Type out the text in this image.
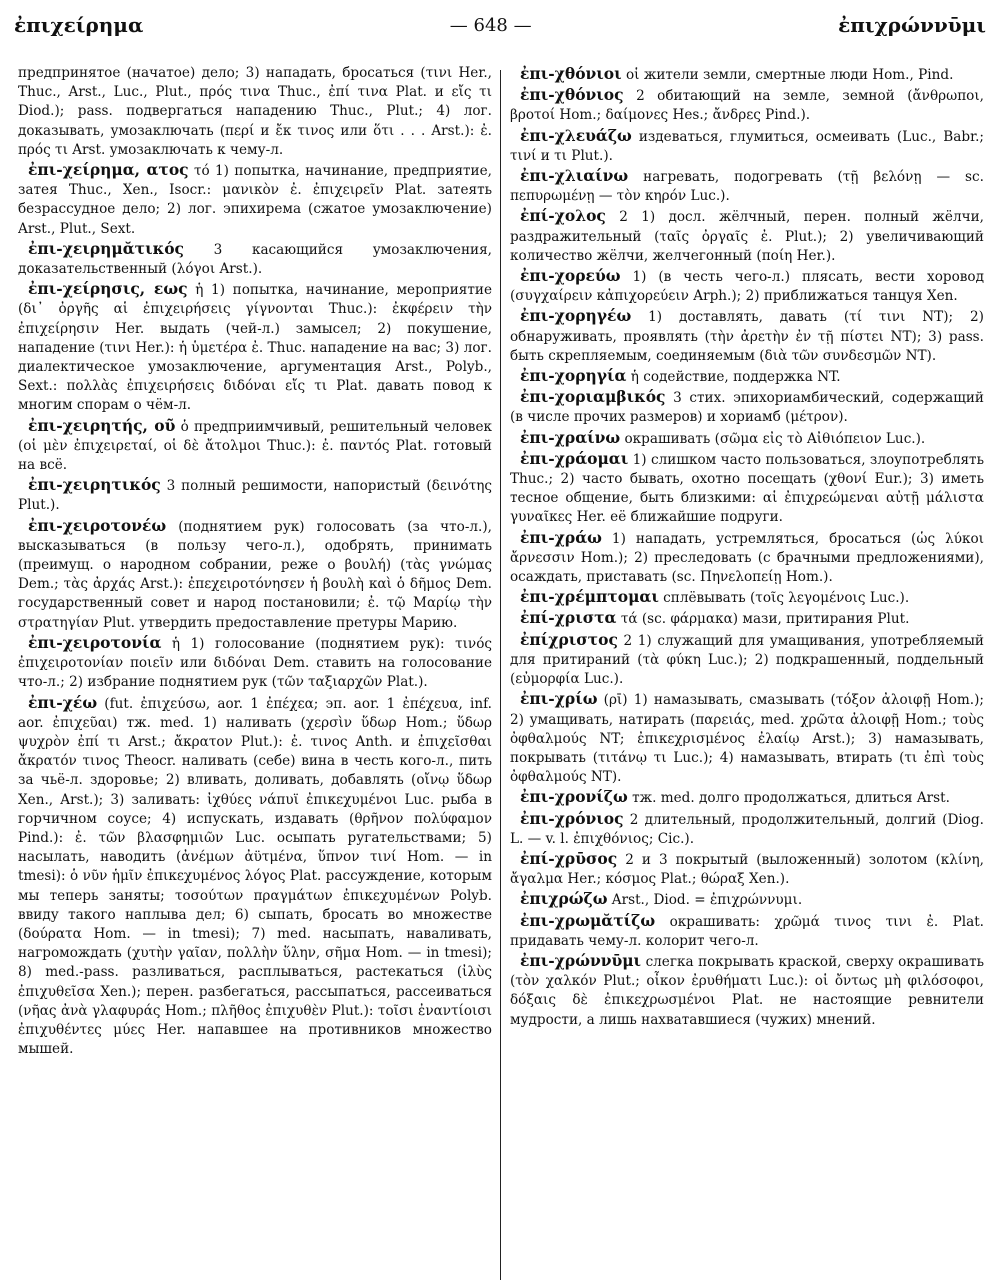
ἐπιχείρημα	— 648 —	ἐπιχρώννῡμι

предпринятое (начатое) дело; 3) нападать, бросаться (τινι Her., Thuc., Arst., Luc., Plut., πρός τινα Thuc., ἐπί τινα Plat. и εἴς τι Diod.); pass. подвергаться нападению Thuc., Plut.; 4) лог. доказывать, умозаключать (περί и ἔκ τινος или ὅτι . . . Arst.): ἐ. πρός τι Arst. умозаключать к чему-л.

ἐπι-χείρημα, ατος τό 1) попытка, начинание, предприятие, затея Thuc., Xen., Isocr.: μανικὸν ἐ. ἐπιχειρεῖν Plat. затеять безрассудное дело; 2) лог. эпихирема (сжатое умозаключение) Arst., Plut., Sext.

ἐπι-χειρημᾰτικός 3 касающийся умозаключения, доказательственный (λόγοι Arst.).

ἐπι-χείρησις, εως ἡ 1) попытка, начинание, мероприятие (δι᾽ ὀργῆς αἱ ἐπιχειρήσεις γίγνονται Thuc.): ἐκφέρειν τὴν ἐπιχείρησιν Her. выдать (чей-л.) замысел; 2) покушение, нападение (τινι Her.): ἡ ὑμετέρα ἐ. Thuc. нападение на вас; 3) лог. диалектическое умозаключение, аргументация Arst., Polyb., Sext.: πολλὰς ἐπιχειρήσεις διδόναι εἴς τι Plat. давать повод к многим спорам о чём-л.

ἐπι-χειρητής, οῦ ὁ предприимчивый, решительный человек (οἱ μὲν ἐπιχειρεταί, οἱ δὲ ἄτολμοι Thuc.): ἐ. παντός Plat. готовый на всё.

ἐπι-χειρητικός 3 полный решимости, напористый (δεινότης Plut.).

ἐπι-χειροτονέω (поднятием рук) голосовать (за что-л.), высказываться (в пользу чего-л.), одобрять, принимать (преимущ. о народном собрании, реже о βουλή) (τὰς γνώμας Dem.; τὰς ἀρχάς Arst.): ἐπεχειροτόνησεν ἡ βουλὴ καὶ ὁ δῆμος Dem. государственный совет и народ постановили; ἐ. τῷ Μαρίῳ τὴν στρατηγίαν Plut. утвердить предоставление претуры Марию.

ἐπι-χειροτονία ἡ 1) голосование (поднятием рук): τινός ἐπιχειροτονίαν ποιεῖν или διδόναι Dem. ставить на голосование что-л.; 2) избрание поднятием рук (τῶν ταξιαρχῶν Plat.).

ἐπι-χέω (fut. ἐπιχεύσω, aor. 1 ἐπέχεα; эп. aor. 1 ἐπέχευα, inf. aor. ἐπιχεῦαι) тж. med. 1) наливать (χερσὶν ὕδωρ Hom.; ὕδωρ ψυχρὸν ἐπί τι Arst.; ἄκρατον Plut.): ἐ. τινος Anth. и ἐπιχεῖσθαι ἄκρατόν τινος Theocr. наливать (себе) вина в честь кого-л., пить за чьё-л. здоровье; 2) вливать, доливать, добавлять (οἴνῳ ὕδωρ Xen., Arst.); 3) заливать: ἰχθύες νάπυϊ ἐπικεχυμένοι Luc. рыба в горчичном соусе; 4) испускать, издавать (θρῆνον πολύφαμον Pind.): ἐ. τῶν βλασφημιῶν Luc. осыпать ругательствами; 5) насылать, наводить (ἀνέμων ἀϋτμένα, ὕπνον τινί Hom. — in tmesi): ὁ νῦν ἡμῖν ἐπικεχυμένος λόγος Plat. рассуждение, которым мы теперь заняты; τοσούτων πραγμάτων ἐπικεχυμένων Polyb. ввиду такого наплыва дел; 6) сыпать, бросать во множестве (δούρατα Hom. — in tmesi); 7) med. насыпать, наваливать, нагромождать (χυτὴν γαῖαν, πολλὴν ὕλην, σῆμα Hom. — in tmesi); 8) med.-pass. разливаться, расплываться, растекаться (ἰλὺς ἐπιχυθεῖσα Xen.); перен. разбегаться, рассыпаться, рассеиваться (νῆας ἀνὰ γλαφυράς Hom.; πλῆθος ἐπιχυθὲν Plut.): τοῖσι ἐναντίοισι ἐπιχυθέντες μύες Her. напавшее на противников множество мышей.

ἐπι-χθόνιοι οἱ жители земли, смертные люди Hom., Pind.

ἐπι-χθόνιος 2 обитающий на земле, земной (ἄνθρωποι, βροτοί Hom.; δαίμονες Hes.; ἄνδρες Pind.).

ἐπι-χλευάζω издеваться, глумиться, осмеивать (Luc., Babr.; τινί и τι Plut.).

ἐπι-χλιαίνω нагревать, подогревать (τῇ βελόνῃ — sc. πεπυρωμένῃ — τὸν κηρόν Luc.).

ἐπί-χολος 2 1) досл. жёлчный, перен. полный жёлчи, раздражительный (ταῖς ὀργαῖς ἐ. Plut.); 2) увеличивающий количество жёлчи, желчегонный (ποίη Her.).

ἐπι-χορεύω 1) (в честь чего-л.) плясать, вести хоровод (συγχαίρειν κἀπιχορεύειν Arph.); 2) приближаться танцуя Xen.

ἐπι-χορηγέω 1) доставлять, давать (τί τινι NT); 2) обнаруживать, проявлять (τὴν ἀρετὴν ἐν τῇ πίστει NT); 3) pass. быть скрепляемым, соединяемым (διὰ τῶν συνδεσμῶν NT).

ἐπι-χορηγία ἡ содействие, поддержка NT.

ἐπι-χοριαμβικός 3 стих. эпихориамбический, содержащий (в числе прочих размеров) и хориамб (μέτρον).

ἐπι-χραίνω окрашивать (σῶμα εἰς τὸ Αἰθιόπειον Luc.).

ἐπι-χράομαι 1) слишком часто пользоваться, злоупотреблять Thuc.; 2) часто бывать, охотно посещать (χθονί Eur.); 3) иметь тесное общение, быть близкими: αἱ ἐπιχρεώμεναι αὐτῇ μάλιστα γυναῖκες Her. её ближайшие подруги.

ἐπι-χράω 1) нападать, устремляться, бросаться (ὡς λύκοι ἄρνεσσιν Hom.); 2) преследовать (с брачными предложениями), осаждать, приставать (sc. Πηνελοπείῃ Hom.).

ἐπι-χρέμπτομαι сплёвывать (τοῖς λεγομένοις Luc.).

ἐπί-χριστα τά (sc. φάρμακα) мази, притирания Plut.

ἐπίχριστος 2 1) служащий для умащивания, употребляемый для притираний (τὰ φύκη Luc.); 2) подкрашенный, поддельный (εὐμορφία Luc.).

ἐπι-χρίω (ρῑ) 1) намазывать, смазывать (τόξον ἀλοιφῇ Hom.); 2) умащивать, натирать (παρειάς, med. χρῶτα ἀλοιφῇ Hom.; τοὺς ὀφθαλμούς NT; ἐπικεχρισμένος ἐλαίῳ Arst.); 3) намазывать, покрывать (τιτάνῳ τι Luc.); 4) намазывать, втирать (τι ἐπὶ τοὺς ὀφθαλμούς NT).

ἐπι-χρονίζω тж. med. долго продолжаться, длиться Arst.

ἐπι-χρόνιος 2 длительный, продолжительный, долгий (Diog. L. — v. l. ἐπιχθόνιος; Cic.).

ἐπί-χρῡσος 2 и 3 покрытый (выложенный) золотом (κλίνη, ἄγαλμα Her.; κόσμος Plat.; θώραξ Xen.).

ἐπιχρώζω Arst., Diod. = ἐπιχρώννυμι.

ἐπι-χρωμᾰτίζω окрашивать: χρῶμά τινος τινι ἐ. Plat. придавать чему-л. колорит чего-л.

ἐπι-χρώννῡμι слегка покрывать краской, сверху окрашивать (τὸν χαλκόν Plut.; οἶκον ἐρυθήματι Luc.): οἱ ὄντως μὴ φιλόσοφοι, δόξαις δὲ ἐπικεχρωσμένοι Plat. не настоящие ревнители мудрости, а лишь нахватавшиеся (чужих) мнений.
